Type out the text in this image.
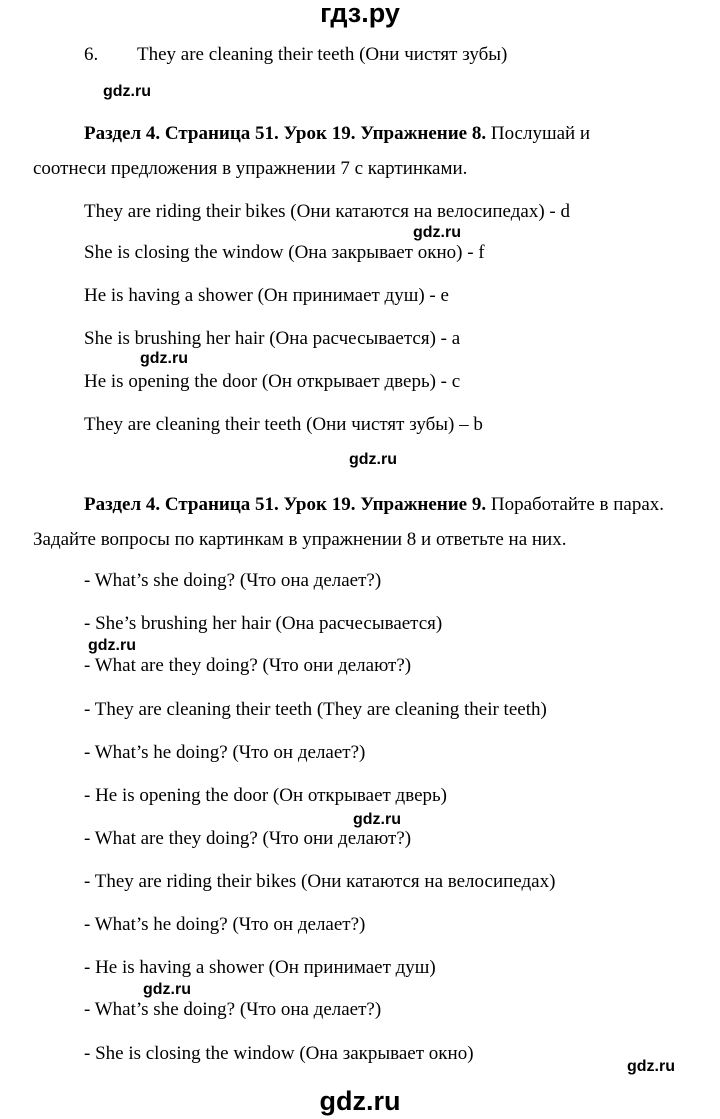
гдз.ру
6. They are cleaning their teeth (Они чистят зубы)
gdz.ru
Раздел 4. Страница 51. Урок 19. Упражнение 8. Послушай и
соотнеси предложения в упражнении 7 с картинками.
They are riding their bikes (Они катаются на велосипедах) - d
gdz.ru
She is closing the window (Она закрывает окно) - f
He is having a shower (Он принимает душ) - e
She is brushing her hair (Она расчесывается) - a
gdz.ru
He is opening the door (Он открывает дверь) - c
They are cleaning their teeth (Они чистят зубы) – b
gdz.ru
Раздел 4. Страница 51. Урок 19. Упражнение 9. Поработайте в парах.
Задайте вопросы по картинкам в упражнении 8 и ответьте на них.
- What’s she doing? (Что она делает?)
- She’s brushing her hair (Она расчесывается)
gdz.ru
- What are they doing? (Что они делают?)
- They are cleaning their teeth (They are cleaning their teeth)
- What’s he doing? (Что он делает?)
- He is opening the door (Он открывает дверь)
gdz.ru
- What are they doing? (Что они делают?)
- They are riding their bikes (Они катаются на велосипедах)
- What’s he doing? (Что он делает?)
- He is having a shower (Он принимает душ)
gdz.ru
- What’s she doing? (Что она делает?)
- She is closing the window (Она закрывает окно)
gdz.ru
gdz.ru
